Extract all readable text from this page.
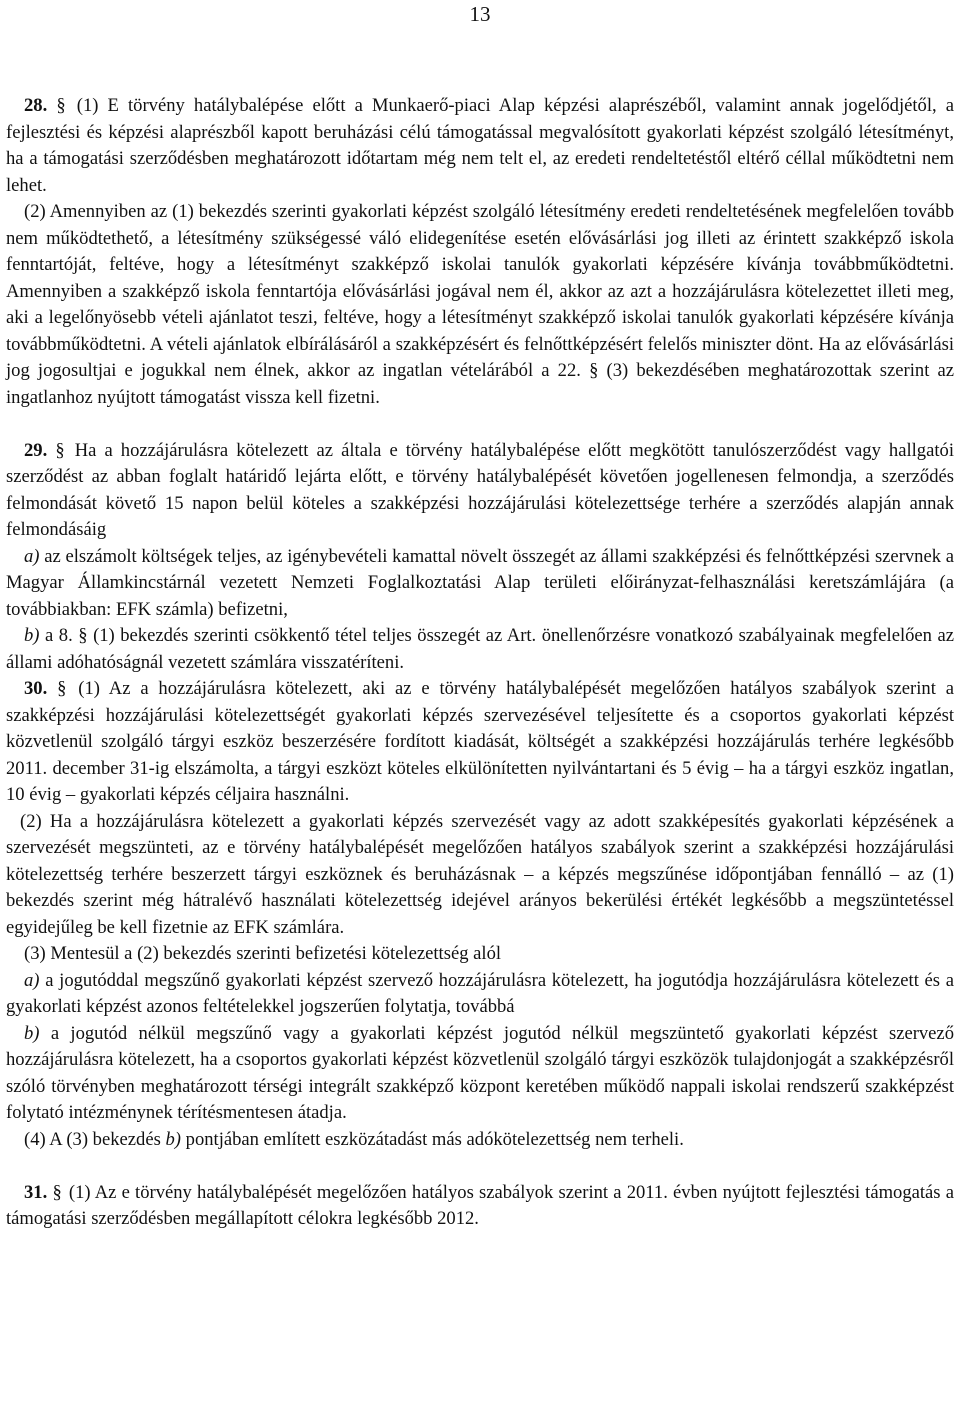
13

28. § (1) E törvény hatálybalépése előtt a Munkaerő-piaci Alap képzési alaprészéből, valamint annak jogelődjétől, a fejlesztési és képzési alaprészből kapott beruházási célú támogatással megvalósított gyakorlati képzést szolgáló létesítményt, ha a támogatási szerződésben meghatározott időtartam még nem telt el, az eredeti rendeltetéstől eltérő céllal működtetni nem lehet.

(2) Amennyiben az (1) bekezdés szerinti gyakorlati képzést szolgáló létesítmény eredeti rendeltetésének megfelelően tovább nem működtethető, a létesítmény szükségessé váló elidegenítése esetén elővásárlási jog illeti az érintett szakképző iskola fenntartóját, feltéve, hogy a létesítményt szakképző iskolai tanulók gyakorlati képzésére kívánja továbbműködtetni. Amennyiben a szakképző iskola fenntartója elővásárlási jogával nem él, akkor az azt a hozzájárulásra kötelezettet illeti meg, aki a legelőnyösebb vételi ajánlatot teszi, feltéve, hogy a létesítményt szakképző iskolai tanulók gyakorlati képzésére kívánja továbbműködtetni. A vételi ajánlatok elbírálásáról a szakképzésért és felnőttképzésért felelős miniszter dönt. Ha az elővásárlási jog jogosultjai e jogukkal nem élnek, akkor az ingatlan vételárából a 22. § (3) bekezdésében meghatározottak szerint az ingatlanhoz nyújtott támogatást vissza kell fizetni.

29. § Ha a hozzájárulásra kötelezett az általa e törvény hatálybalépése előtt megkötött tanulószerződést vagy hallgatói szerződést az abban foglalt határidő lejárta előtt, e törvény hatálybalépését követően jogellenesen felmondja, a szerződés felmondását követő 15 napon belül köteles a szakképzési hozzájárulási kötelezettsége terhére a szerződés alapján annak felmondásáig

a) az elszámolt költségek teljes, az igénybevételi kamattal növelt összegét az állami szakképzési és felnőttképzési szervnek a Magyar Államkincstárnál vezetett Nemzeti Foglalkoztatási Alap területi előirányzat-felhasználási keretszámlájára (a továbbiakban: EFK számla) befizetni,

b) a 8. § (1) bekezdés szerinti csökkentő tétel teljes összegét az Art. önellenőrzésre vonatkozó szabályainak megfelelően az állami adóhatóságnál vezetett számlára visszatéríteni.

30. § (1) Az a hozzájárulásra kötelezett, aki az e törvény hatálybalépését megelőzően hatályos szabályok szerint a szakképzési hozzájárulási kötelezettségét gyakorlati képzés szervezésével teljesítette és a csoportos gyakorlati képzést közvetlenül szolgáló tárgyi eszköz beszerzésére fordított kiadását, költségét a szakképzési hozzájárulás terhére legkésőbb 2011. december 31-ig elszámolta, a tárgyi eszközt köteles elkülönítetten nyilvántartani és 5 évig – ha a tárgyi eszköz ingatlan, 10 évig – gyakorlati képzés céljaira használni.

(2) Ha a hozzájárulásra kötelezett a gyakorlati képzés szervezését vagy az adott szakképesítés gyakorlati képzésének a szervezését megszünteti, az e törvény hatálybalépését megelőzően hatályos szabályok szerint a szakképzési hozzájárulási kötelezettség terhére beszerzett tárgyi eszköznek és beruházásnak – a képzés megszűnése időpontjában fennálló – az (1) bekezdés szerint még hátralévő használati kötelezettség idejével arányos bekerülési értékét legkésőbb a megszüntetéssel egyidejűleg be kell fizetnie az EFK számlára.

(3) Mentesül a (2) bekezdés szerinti befizetési kötelezettség alól

a) a jogutóddal megszűnő gyakorlati képzést szervező hozzájárulásra kötelezett, ha jogutódja hozzájárulásra kötelezett és a gyakorlati képzést azonos feltételekkel jogszerűen folytatja, továbbá

b) a jogutód nélkül megszűnő vagy a gyakorlati képzést jogutód nélkül megszüntető gyakorlati képzést szervező hozzájárulásra kötelezett, ha a csoportos gyakorlati képzést közvetlenül szolgáló tárgyi eszközök tulajdonjogát a szakképzésről szóló törvényben meghatározott térségi integrált szakképző központ keretében működő nappali iskolai rendszerű szakképzést folytató intézménynek térítésmentesen átadja.

(4) A (3) bekezdés b) pontjában említett eszközátadást más adókötelezettség nem terheli.

31. § (1) Az e törvény hatálybalépését megelőzően hatályos szabályok szerint a 2011. évben nyújtott fejlesztési támogatás a támogatási szerződésben megállapított célokra legkésőbb 2012.
